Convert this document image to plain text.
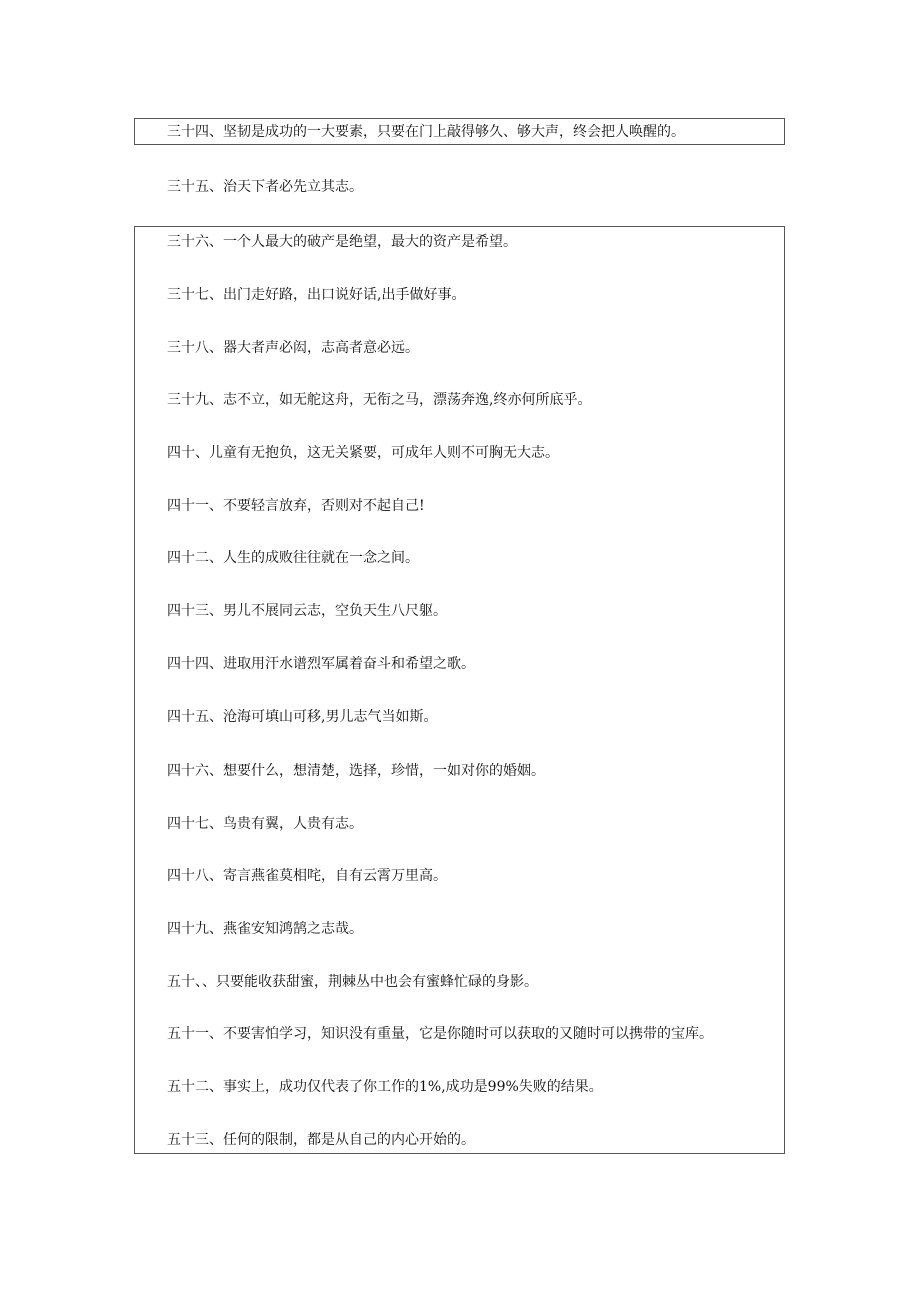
三十四、坚韧是成功的一大要素，只要在门上敲得够久、够大声，终会把人唤醒的。
三十五、治天下者必先立其志。
三十六、一个人最大的破产是绝望，最大的资产是希望。
三十七、出门走好路，出口说好话,出手做好事。
三十八、器大者声必闳，志高者意必远。
三十九、志不立，如无舵这舟，无衔之马，漂荡奔逸,终亦何所底乎。
四十、儿童有无抱负，这无关紧要，可成年人则不可胸无大志。
四十一、不要轻言放弃，否则对不起自己!
四十二、人生的成败往往就在一念之间。
四十三、男儿不展同云志，空负天生八尺躯。
四十四、进取用汗水谱烈军属着奋斗和希望之歌。
四十五、沧海可填山可移,男儿志气当如斯。
四十六、想要什么，想清楚，选择，珍惜，一如对你的婚姻。
四十七、鸟贵有翼，人贵有志。
四十八、寄言燕雀莫相咤，自有云霄万里高。
四十九、燕雀安知鸿鹄之志哉。
五十、、只要能收获甜蜜，荆棘丛中也会有蜜蜂忙碌的身影。
五十一、不要害怕学习，知识没有重量，它是你随时可以获取的又随时可以携带的宝库。
五十二、事实上，成功仅代表了你工作的1%,成功是99%失败的结果。
五十三、任何的限制，都是从自己的内心开始的。
